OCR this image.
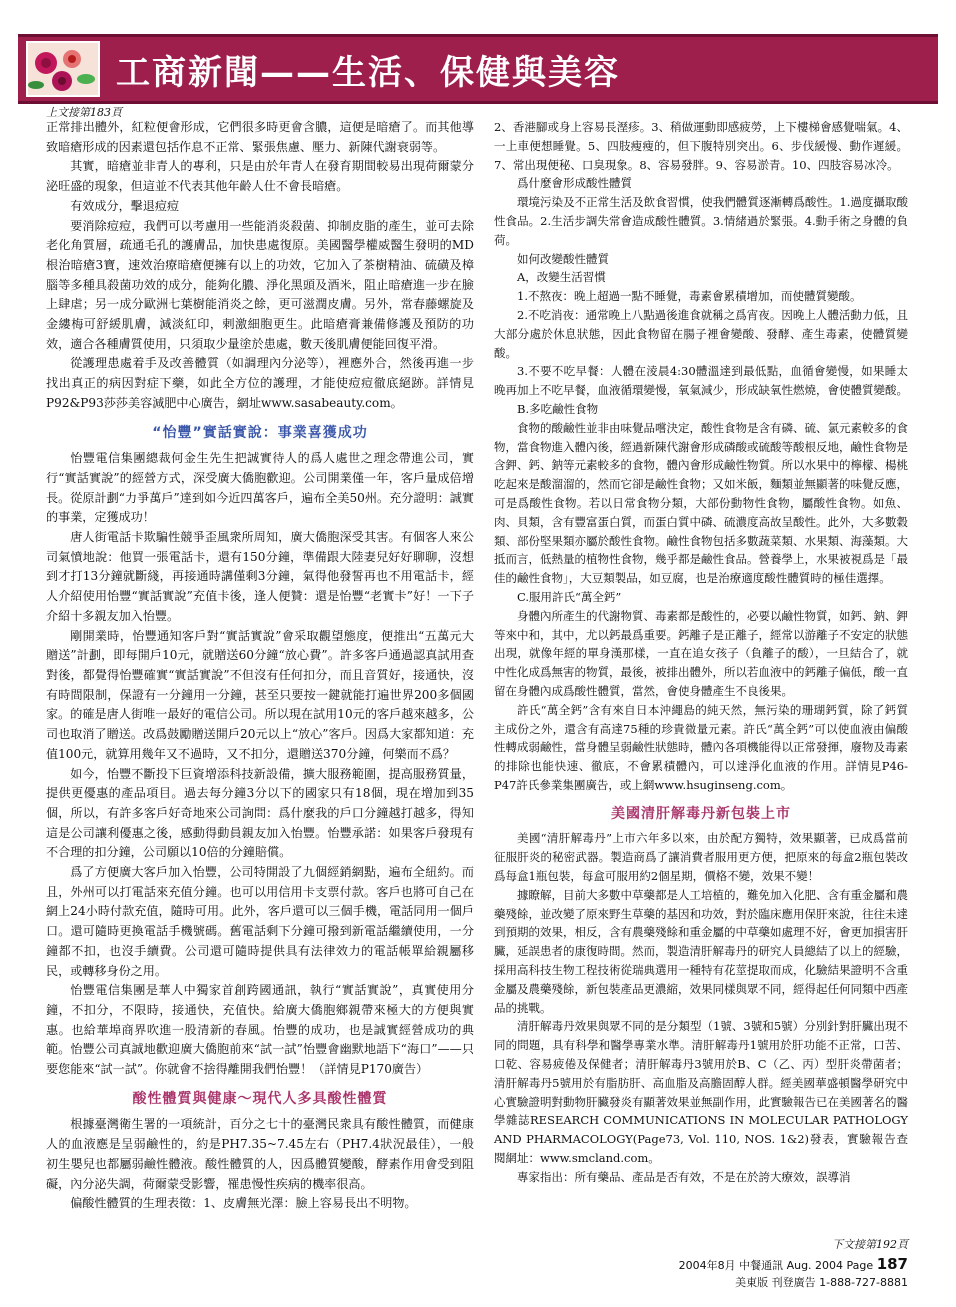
工商新聞——生活、保健與美容
上文接第183頁

正常排出體外，紅粒便會形成，它們很多時更會含膿，這便是暗瘡了。而其他導致暗瘡形成的因素還包括作息不正常、緊張焦慮、壓力、新陳代謝衰弱等。

其實，暗瘡並非青人的專利，只是由於年青人在發育期間較易出現荷爾蒙分泌旺盛的現象，但這並不代表其他年齡人仕不會長暗瘡。

有效成分，擊退痘痘

要消除痘痘，我們可以考慮用一些能消炎殺菌、抑制皮脂的產生，並可去除老化角質層，疏通毛孔的護膚品，加快患處復原。美國醫學權威醫生發明的MD根治暗瘡3寶，速效治療暗瘡便擁有以上的功效，它加入了茶樹精油、硫磺及樟腦等多種具殺菌功效的成分，能夠化膿、淨化黑頭及酒米，阻止暗瘡進一步在臉上肆虐；另一成分歐洲七葉樹能消炎之餘，更可滋潤皮膚。另外，常春藤螺旋及金縷梅可舒緩肌膚，減淡紅印，剌激細胞更生。此暗瘡膏兼備修護及預防的功效，適合各種膚質使用，只須取少量塗於患處，數天後肌膚便能回復平滑。

從護理患處着手及改善體質（如調理內分泌等），裡應外合，然後再進一步找出真正的病因對症下藥，如此全方位的護理，才能使痘痘徹底絕跡。詳情見P92&P93莎莎美容減肥中心廣告，網址www.sasabeauty.com。

“怡豐”實話實說：事業喜獲成功

怡豐電信集團總裁何金生先生把誠實待人的爲人處世之理念帶進公司，實行“實話實說”的經營方式，深受廣大僑胞歡迎。公司開業僅一年，客戶量成倍增長。從原計劃“力爭萬戶”達到如今近四萬客戶，遍布全美50州。充分證明：誠實的事業，定獲成功！

唐人街電話卡欺騙性競爭歪風衆所周知，廣大僑胞深受其害。有個客人來公司氣憤地說：他買一張電話卡，還有150分鐘，準備跟大陸妻兒好好聊聊，沒想到才打13分鐘就斷綫，再接通時講僅剩3分鐘，氣得他發誓再也不用電話卡，經人介紹使用怡豐“實話實說”充值卡後，逢人便贊：還是怡豐“老實卡”好！一下子介紹十多親友加入怡豐。

剛開業時，怡豐通知客戶對“實話實說”會采取觀望態度，便推出“五萬元大贈送”計劃，即每開戶10元，就贈送60分鐘“放心費”。許多客戶通過認真試用查對後，都覺得怡豐確實“實話實說”不但沒有任何扣分，而且音質好，接通快，沒有時間限制，保證有一分鐘用一分鐘，甚至只要按一鍵就能打遍世界200多個國家。的確是唐人街唯一最好的電信公司。所以現在試用10元的客戶越來越多，公司也取消了贈送。改爲鼓勵贈送開戶20元以上“放心”客戶。因爲大家都知道：充值100元，就算用幾年又不過時，又不扣分，還贈送370分鐘，何樂而不爲？

如今，怡豐不斷投下巨資增添科技新設備，擴大服務範圍，提高服務質量，提供更優惠的產品項目。過去每分鐘3分以下的國家只有18個，現在增加到35個，所以，有許多客戶好奇地來公司詢問：爲什麼我的戶口分鐘越打越多，得知這是公司讓利優惠之後，感動得動員親友加入怡豐。怡豐承諾：如果客戶發現有不合理的扣分鐘，公司願以10倍的分鐘賠償。

爲了方便廣大客戶加入怡豐，公司特開設了九個經銷網點，遍布全紐約。而且，外州可以打電話來充值分鐘。也可以用信用卡支票付款。客戶也將可自己在網上24小時付款充值，隨時可用。此外，客戶還可以三個手機，電話同用一個戶口。還可隨時更換電話手機號碼。舊電話剩下分鐘可撥到新電話繼續使用，一分鐘都不扣，也沒手續費。公司還可隨時提供具有法律效力的電話帳單給親屬移民，或轉移身份之用。

怡豐電信集團是華人中獨家首創跨國通訊，執行“實話實說”，真實使用分鐘，不扣分，不限時，接通快，充值快。給廣大僑胞鄉親帶來極大的方便與實惠。也給華埠商界吹進一股清新的春風。怡豐的成功，也是誠實經營成功的典範。怡豐公司真誠地歡迎廣大僑胞前來“試一試”怡豐會幽默地語下“海口”——只要您能來“試一試”。你就會不捨得離開我們怡豐！（詳情見P170廣告）

酸性體質與健康～現代人多具酸性體質

根據臺灣衛生署的一項統計，百分之七十的臺灣民衆具有酸性體質，而健康人的血液應是呈弱鹼性的，約是PH7.35~7.45左右（PH7.4狀況最佳），一般初生嬰兒也都屬弱鹼性體液。酸性體質的人，因爲體質變酸，酵素作用會受到阻礙，內分泌失調，荷爾蒙受影響，罹患慢性疾病的機率很高。

偏酸性體質的生理表徵：1、皮膚無光澤：臉上容易長出不明物。

2、香港腳或身上容易長溼疹。3、稍做運動即感疲勞，上下樓梯會感覺喘氣。4、一上車便想睡覺。5、四肢瘦瘦的，但下腹特別突出。6、步伐緩慢、動作遲緩。7、常出現便秘、口臭現象。8、容易發胖。9、容易淤青。10、四肢容易冰冷。

爲什麼會形成酸性體質

環境污染及不正常生活及飲食習慣，使我們體質逐漸轉爲酸性。1.過度攝取酸性食品。2.生活步調失常會造成酸性體質。3.情緒過於緊張。4.動手術之身體的負荷。

如何改變酸性體質

A，改變生活習慣

1.不熬夜：晚上超過一點不睡覺，毒素會累積增加，而使體質變酸。

2.不吃消夜：通常晚上八點過後進食就稱之爲宵夜。因晚上人體活動力低，且大部分處於休息狀態，因此食物留在腸子裡會變酸、發酵、產生毒素，使體質變酸。

3.不要不吃早餐：人體在淩晨4:30體溫達到最低點，血循會變慢，如果睡太晚再加上不吃早餐，血液循環變慢，氧氣減少，形成缺氧性燃燒，會使體質變酸。

B.多吃鹼性食物

食物的酸鹼性並非由味覺品嚐決定，酸性食物是含有磷、硫、氯元素較多的食物，當食物進入體內後，經過新陳代謝會形成磷酸或硫酸等酸根反地，鹼性食物是含鉀、鈣、鈉等元素較多的食物，體內會形成鹼性物質。所以水果中的檸檬、楊桃吃起來是酸溜溜的，然而它卻是鹼性食物；又如米飯，麵類並無顯著的味覺反應，可是爲酸性食物。若以日常食物分類，大部份動物性食物，屬酸性食物。如魚、肉、貝類，含有豐富蛋白質，而蛋白質中磷、硫濃度高故呈酸性。此外，大多數穀類、部份堅果類亦屬於酸性食物。鹼性食物包括多數蔬菜類、水果類、海藻類。大抵而言，低熱量的植物性食物，幾乎都是鹼性食品。營養學上，水果被視爲是「最佳的鹼性食物」，大豆類製品，如豆腐，也是治療適度酸性體質時的極佳選擇。

C.服用許氏“萬全鈣”

身體內所產生的代謝物質、毒素都是酸性的，必要以鹼性物質，如鈣、鈉、鉀等來中和，其中，尤以鈣最爲重要。鈣離子是正離子，經常以游離子不安定的狀態出現，就像年經的單身漢那樣，一直在追女孩子（負離子的酸），一旦結合了，就中性化成爲無害的物質，最後，被排出體外，所以若血液中的鈣離子偏低，酸一直留在身體內成爲酸性體質，當然，會使身體產生不良後果。

許氏“萬全鈣”含有來自日本沖繩島的純天然，無污染的珊瑚鈣質，除了鈣質主成份之外，還含有高達75種的珍貴微量元素。許氏“萬全鈣”可以使血液由偏酸性轉成弱鹼性，當身體呈弱鹼性狀態時，體內各項機能得以正常發揮，廢物及毒素的排除也能快速、徹底，不會累積體內，可以達淨化血液的作用。詳情見P46-P47許氏參業集團廣告，或上網www.hsuginseng.com。

美國清肝解毒丹新包裝上市

美國“清肝解毒丹”上市六年多以來，由於配方獨特，效果顯著，已成爲當前征服肝炎的秘密武器。製造商爲了讓消費者服用更方便，把原來的每盒2瓶包裝改爲每盒1瓶包裝，每盒可服用約2個星期，價格不變，效果不變！

據瞭解，目前大多數中草藥都是人工培植的，難免加入化肥、含有重金屬和農藥殘餘，並改變了原來野生草藥的基因和功效，對於臨床應用保肝來說，往往未達到預期的效果，相反，含有農藥殘餘和重金屬的中草藥如處理不好，會更加損害肝臟，延誤患者的康復時間。然而，製造清肝解毒丹的研究人員總結了以上的經驗，採用高科技生物工程技術從瑞典選用一種特有花莖提取而成，化驗結果證明不含重金屬及農藥殘餘，新包裝產品更濃縮，效果同樣與眾不同，經得起任何同類中西產品的挑戰。

清肝解毒丹效果與眾不同的是分類型（1號、3號和5號）分別針對肝臟出現不同的問題，具有科學和醫學專業水準。清肝解毒丹1號用於肝功能不正常，口苦、口乾、容易疲倦及保健者；清肝解毒丹3號用於B、C（乙、丙）型肝炎帶菌者；清肝解毒丹5號用於有脂肪肝、高血脂及高膽固醇人群。經美國華盛頓醫學研究中心實驗證明對動物肝臟發炎有顯著效果並無副作用，此實驗報告已在美國著名的醫學雜誌RESEARCH COMMUNICATIONS IN MOLECULAR PATHOLOGY AND PHARMACOLOGY(Page73, Vol. 110, NOS. 1&2)發表，實驗報告查閱網址：www.smcland.com。

專家指出：所有藥品、產品是否有效，不是在於誇大療效，誤導消

下文接第192頁
2004年8月 中餐通訊 Aug. 2004 Page 187
美東版 刊登廣告 1-888-727-8881
